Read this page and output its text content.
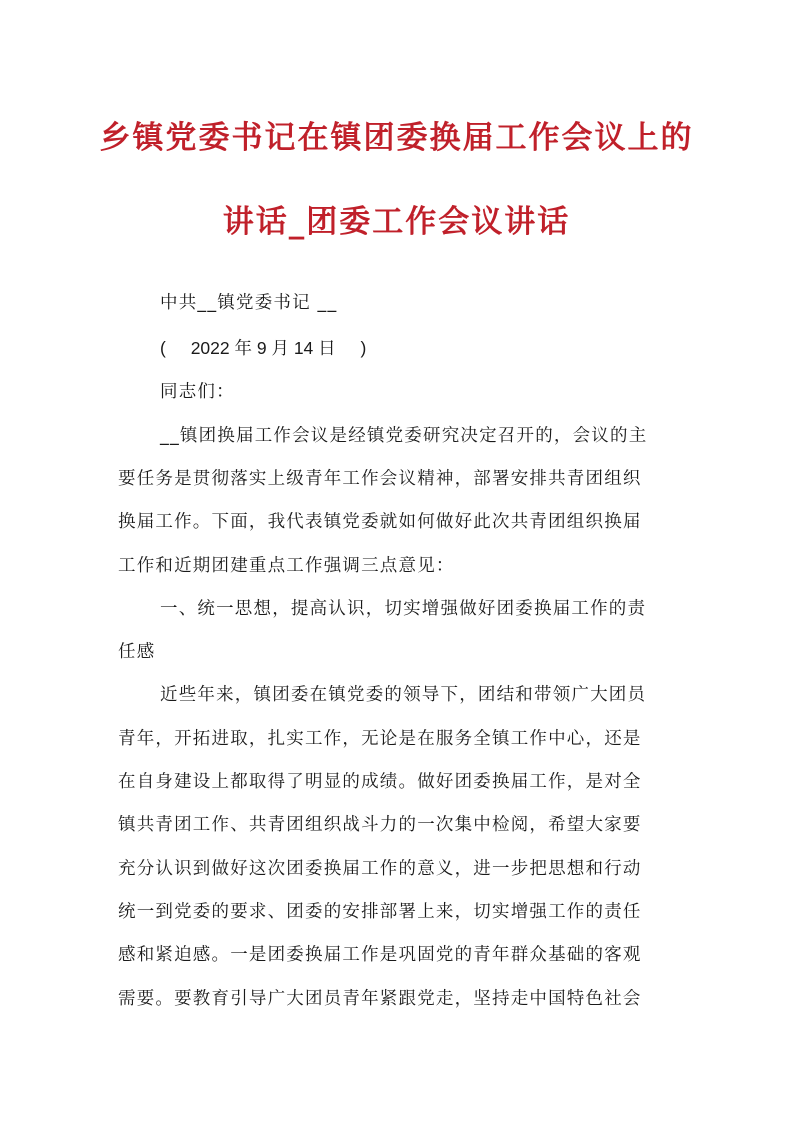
乡镇党委书记在镇团委换届工作会议上的
讲话_团委工作会议讲话
中共__镇党委书记 __
( 2022 年 9 月 14 日 )
同志们：
__镇团换届工作会议是经镇党委研究决定召开的，会议的主
要任务是贯彻落实上级青年工作会议精神，部署安排共青团组织
换届工作。下面，我代表镇党委就如何做好此次共青团组织换届
工作和近期团建重点工作强调三点意见：
一、统一思想，提高认识，切实增强做好团委换届工作的责
任感
近些年来，镇团委在镇党委的领导下，团结和带领广大团员
青年，开拓进取，扎实工作，无论是在服务全镇工作中心，还是
在自身建设上都取得了明显的成绩。做好团委换届工作，是对全
镇共青团工作、共青团组织战斗力的一次集中检阅，希望大家要
充分认识到做好这次团委换届工作的意义，进一步把思想和行动
统一到党委的要求、团委的安排部署上来，切实增强工作的责任
感和紧迫感。一是团委换届工作是巩固党的青年群众基础的客观
需要。要教育引导广大团员青年紧跟党走，坚持走中国特色社会
